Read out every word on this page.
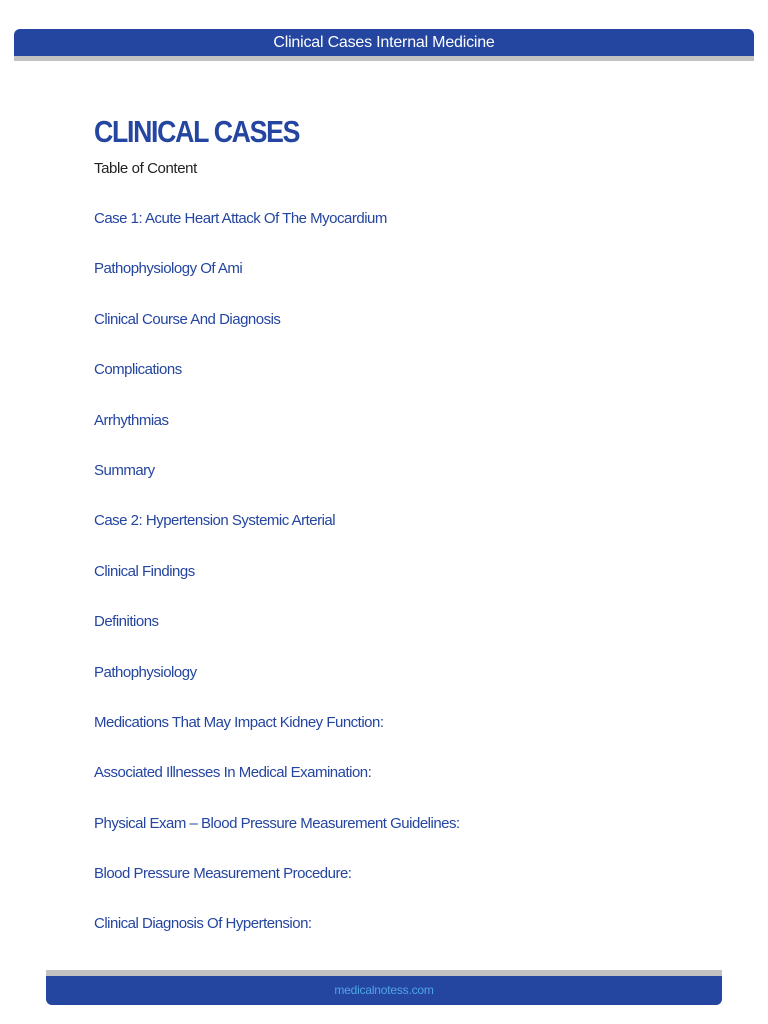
Clinical Cases Internal Medicine
CLINICAL CASES
Table of Content
Case 1: Acute Heart Attack Of The Myocardium
Pathophysiology Of Ami
Clinical Course And Diagnosis
Complications
Arrhythmias
Summary
Case 2: Hypertension Systemic Arterial
Clinical Findings
Definitions
Pathophysiology
Medications That May Impact Kidney Function:
Associated Illnesses In Medical Examination:
Physical Exam – Blood Pressure Measurement Guidelines:
Blood Pressure Measurement Procedure:
Clinical Diagnosis Of Hypertension:
medicalnotess.com
